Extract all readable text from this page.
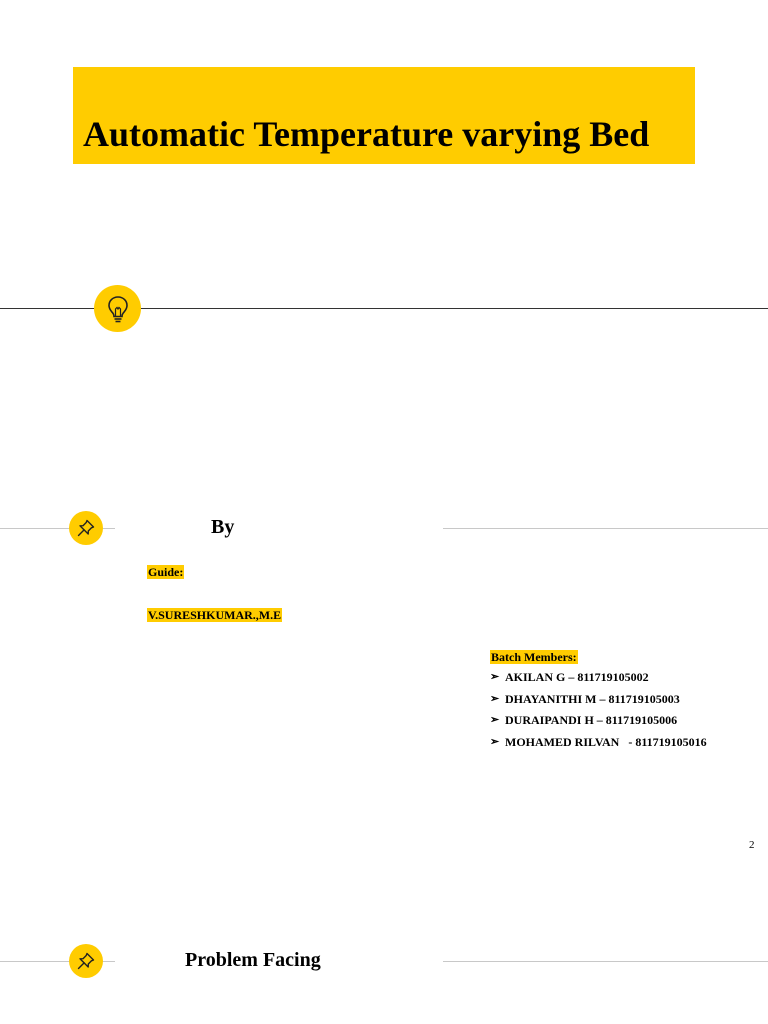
Automatic Temperature varying Bed
By
Guide:
V.SURESHKUMAR.,M.E
Batch Members:
➢ AKILAN G – 811719105002
➢ DHAYANITHI M – 811719105003
➢ DURAIPANDI H – 811719105006
➢ MOHAMED RILVAN   - 811719105016
2
Problem Facing
